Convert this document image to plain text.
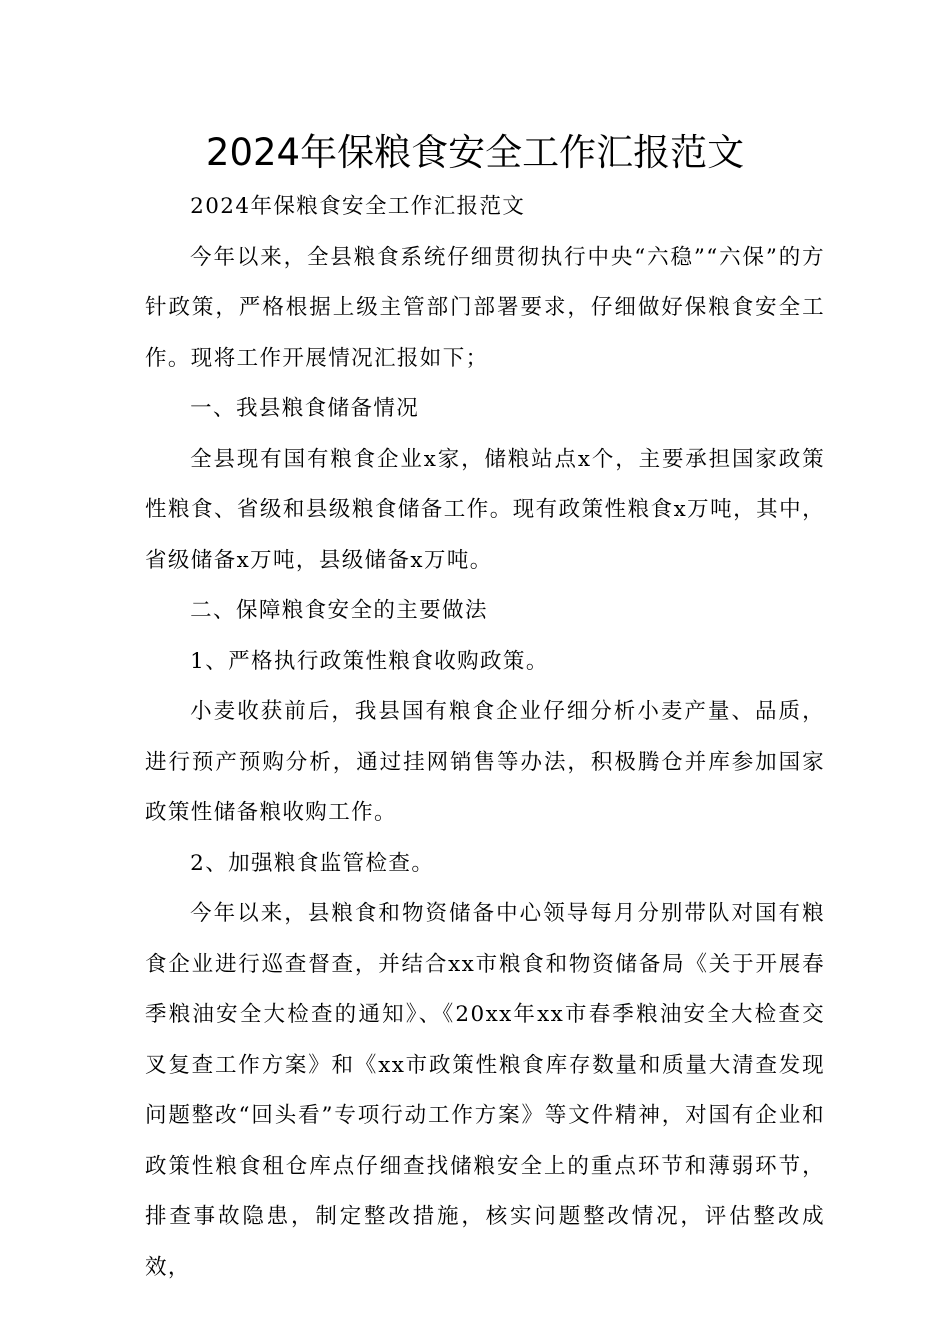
2024年保粮食安全工作汇报范文

2024年保粮食安全工作汇报范文

今年以来，全县粮食系统仔细贯彻执行中央“六稳”“六保”的方针政策，严格根据上级主管部门部署要求，仔细做好保粮食安全工作。现将工作开展情况汇报如下；

一、我县粮食储备情况

全县现有国有粮食企业x家，储粮站点x个，主要承担国家政策性粮食、省级和县级粮食储备工作。现有政策性粮食x万吨，其中，省级储备x万吨，县级储备x万吨。

二、保障粮食安全的主要做法

1、严格执行政策性粮食收购政策。

小麦收获前后，我县国有粮食企业仔细分析小麦产量、品质，进行预产预购分析，通过挂网销售等办法，积极腾仓并库参加国家政策性储备粮收购工作。

2、加强粮食监管检查。

今年以来，县粮食和物资储备中心领导每月分别带队对国有粮食企业进行巡查督查，并结合xx市粮食和物资储备局《关于开展春季粮油安全大检查的通知》、《20xx年xx市春季粮油安全大检查交叉复查工作方案》和《xx市政策性粮食库存数量和质量大清查发现问题整改“回头看”专项行动工作方案》等文件精神，对国有企业和政策性粮食租仓库点仔细查找储粮安全上的重点环节和薄弱环节，排查事故隐患，制定整改措施，核实问题整改情况，评估整改成效，
